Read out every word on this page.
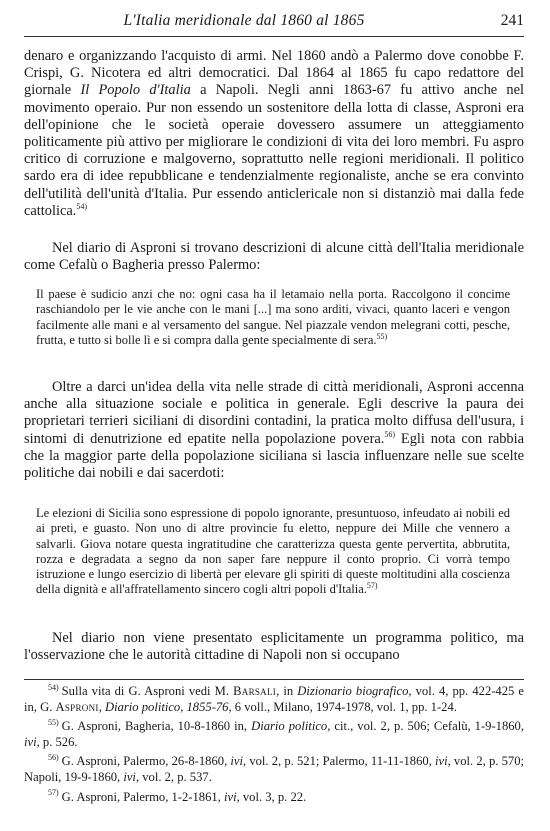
L'Italia meridionale dal 1860 al 1865	241

denaro e organizzando l'acquisto di armi. Nel 1860 andò a Palermo dove conobbe F. Crispi, G. Nicotera ed altri democratici. Dal 1864 al 1865 fu capo redattore del giornale Il Popolo d'Italia a Napoli. Negli anni 1863-67 fu attivo anche nel movimento operaio. Pur non essendo un sostenitore della lotta di classe, Asproni era dell'opinione che le società operaie dovessero assumere un atteggiamento politicamente più attivo per migliorare le condizioni di vita dei loro membri. Fu aspro critico di corruzione e malgoverno, soprattutto nelle regioni meridionali. Il politico sardo era di idee repubblicane e tendenzialmente regionaliste, anche se era convinto dell'utilità dell'unità d'Italia. Pur essendo anticlericale non si distanziò mai dalla fede cattolica.$^{54)}$

Nel diario di Asproni si trovano descrizioni di alcune città dell'Italia meridionale come Cefalù o Bagheria presso Palermo:

Il paese è sudicio anzi che no: ogni casa ha il letamaio nella porta. Raccolgono il concime raschiandolo per le vie anche con le mani [...] ma sono arditi, vivaci, quanto laceri e vengon facilmente alle mani e al versamento del sangue. Nel piazzale vendon melegrani cotti, pesche, frutta, e tutto si bolle lì e si compra dalla gente specialmente di sera.$^{55)}$

Oltre a darci un'idea della vita nelle strade di città meridionali, Asproni accenna anche alla situazione sociale e politica in generale. Egli descrive la paura dei proprietari terrieri siciliani di disordini contadini, la pratica molto diffusa dell'usura, i sintomi di denutrizione ed epatite nella popolazione povera.$^{56)}$ Egli nota con rabbia che la maggior parte della popolazione siciliana si lascia influenzare nelle sue scelte politiche dai nobili e dai sacerdoti:

Le elezioni di Sicilia sono espressione di popolo ignorante, presuntuoso, infeudato ai nobili ed ai preti, e guasto. Non uno di altre provincie fu eletto, neppure dei Mille che vennero a salvarli. Giova notare questa ingratitudine che caratterizza questa gente pervertita, abbrutita, rozza e degradata a segno da non saper fare neppure il conto proprio. Ci vorrà tempo istruzione e lungo esercizio di libertà per elevare gli spiriti di queste moltitudini alla coscienza della dignità e all'affratellamento sincero cogli altri popoli d'Italia.$^{57)}$

Nel diario non viene presentato esplicitamente un programma politico, ma l'osservazione che le autorità cittadine di Napoli non si occupano

$^{54)}$ Sulla vita di G. Asproni vedi M. Barsali, in Dizionario biografico, vol. 4, pp. 422-425 e in, G. Asproni, Diario politico, 1855-76, 6 voll., Milano, 1974-1978, vol. 1, pp. 1-24.

$^{55)}$ G. Asproni, Bagheria, 10-8-1860 in, Diario politico, cit., vol. 2, p. 506; Cefalù, 1-9-1860, ivi, p. 526.

$^{56)}$ G. Asproni, Palermo, 26-8-1860, ivi, vol. 2, p. 521; Palermo, 11-11-1860, ivi, vol. 2, p. 570; Napoli, 19-9-1860, ivi, vol. 2, p. 537.

$^{57)}$ G. Asproni, Palermo, 1-2-1861, ivi, vol. 3, p. 22.
